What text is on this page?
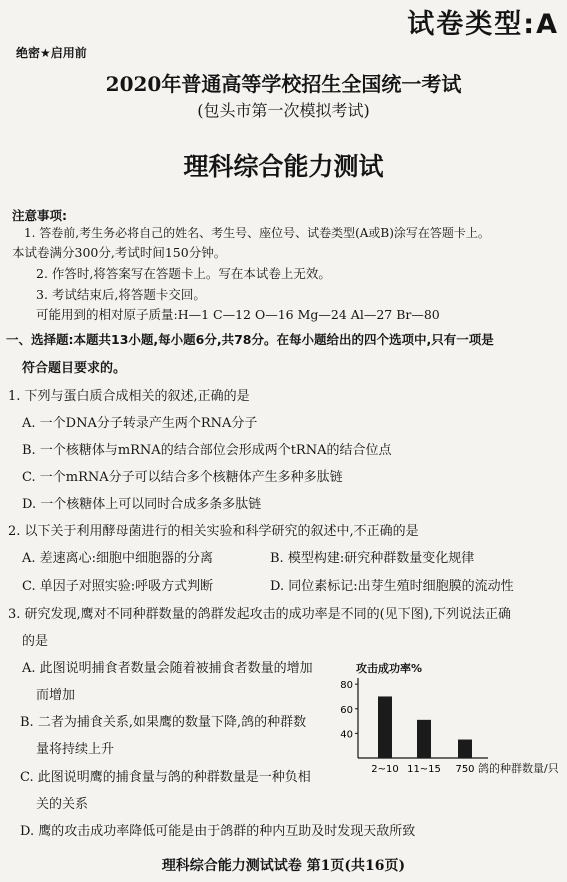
试卷类型:A
绝密★启用前
2020年普通高等学校招生全国统一考试
(包头市第一次模拟考试)
理科综合能力测试
注意事项:
1. 答卷前,考生务必将自己的姓名、考生号、座位号、试卷类型(A或B)涂写在答题卡上。
本试卷满分300分,考试时间150分钟。
2. 作答时,将答案写在答题卡上。写在本试卷上无效。
3. 考试结束后,将答题卡交回。
可能用到的相对原子质量:H—1 C—12 O—16 Mg—24 Al—27 Br—80
一、选择题:本题共13小题,每小题6分,共78分。在每小题给出的四个选项中,只有一项是
符合题目要求的。
1. 下列与蛋白质合成相关的叙述,正确的是
A. 一个DNA分子转录产生两个RNA分子
B. 一个核糖体与mRNA的结合部位会形成两个tRNA的结合位点
C. 一个mRNA分子可以结合多个核糖体产生多种多肽链
D. 一个核糖体上可以同时合成多条多肽链
2. 以下关于利用酵母菌进行的相关实验和科学研究的叙述中,不正确的是
A. 差速离心:细胞中细胞器的分离	B. 模型构建:研究种群数量变化规律
C. 单因子对照实验:呼吸方式判断	D. 同位素标记:出芽生殖时细胞膜的流动性
3. 研究发现,鹰对不同种群数量的鸽群发起攻击的成功率是不同的(见下图),下列说法正确
的是
A. 此图说明捕食者数量会随着被捕食者数量的增加
而增加
B. 二者为捕食关系,如果鹰的数量下降,鸽的种群数
量将持续上升
C. 此图说明鹰的捕食量与鸽的种群数量是一种负相
关的关系
D. 鹰的攻击成功率降低可能是由于鸽群的种内互助及时发现天敌所致
攻击成功率%
40
60
80
2~10 11~15 750 鸽的种群数量/只
理科综合能力测试试卷 第1页(共16页)
